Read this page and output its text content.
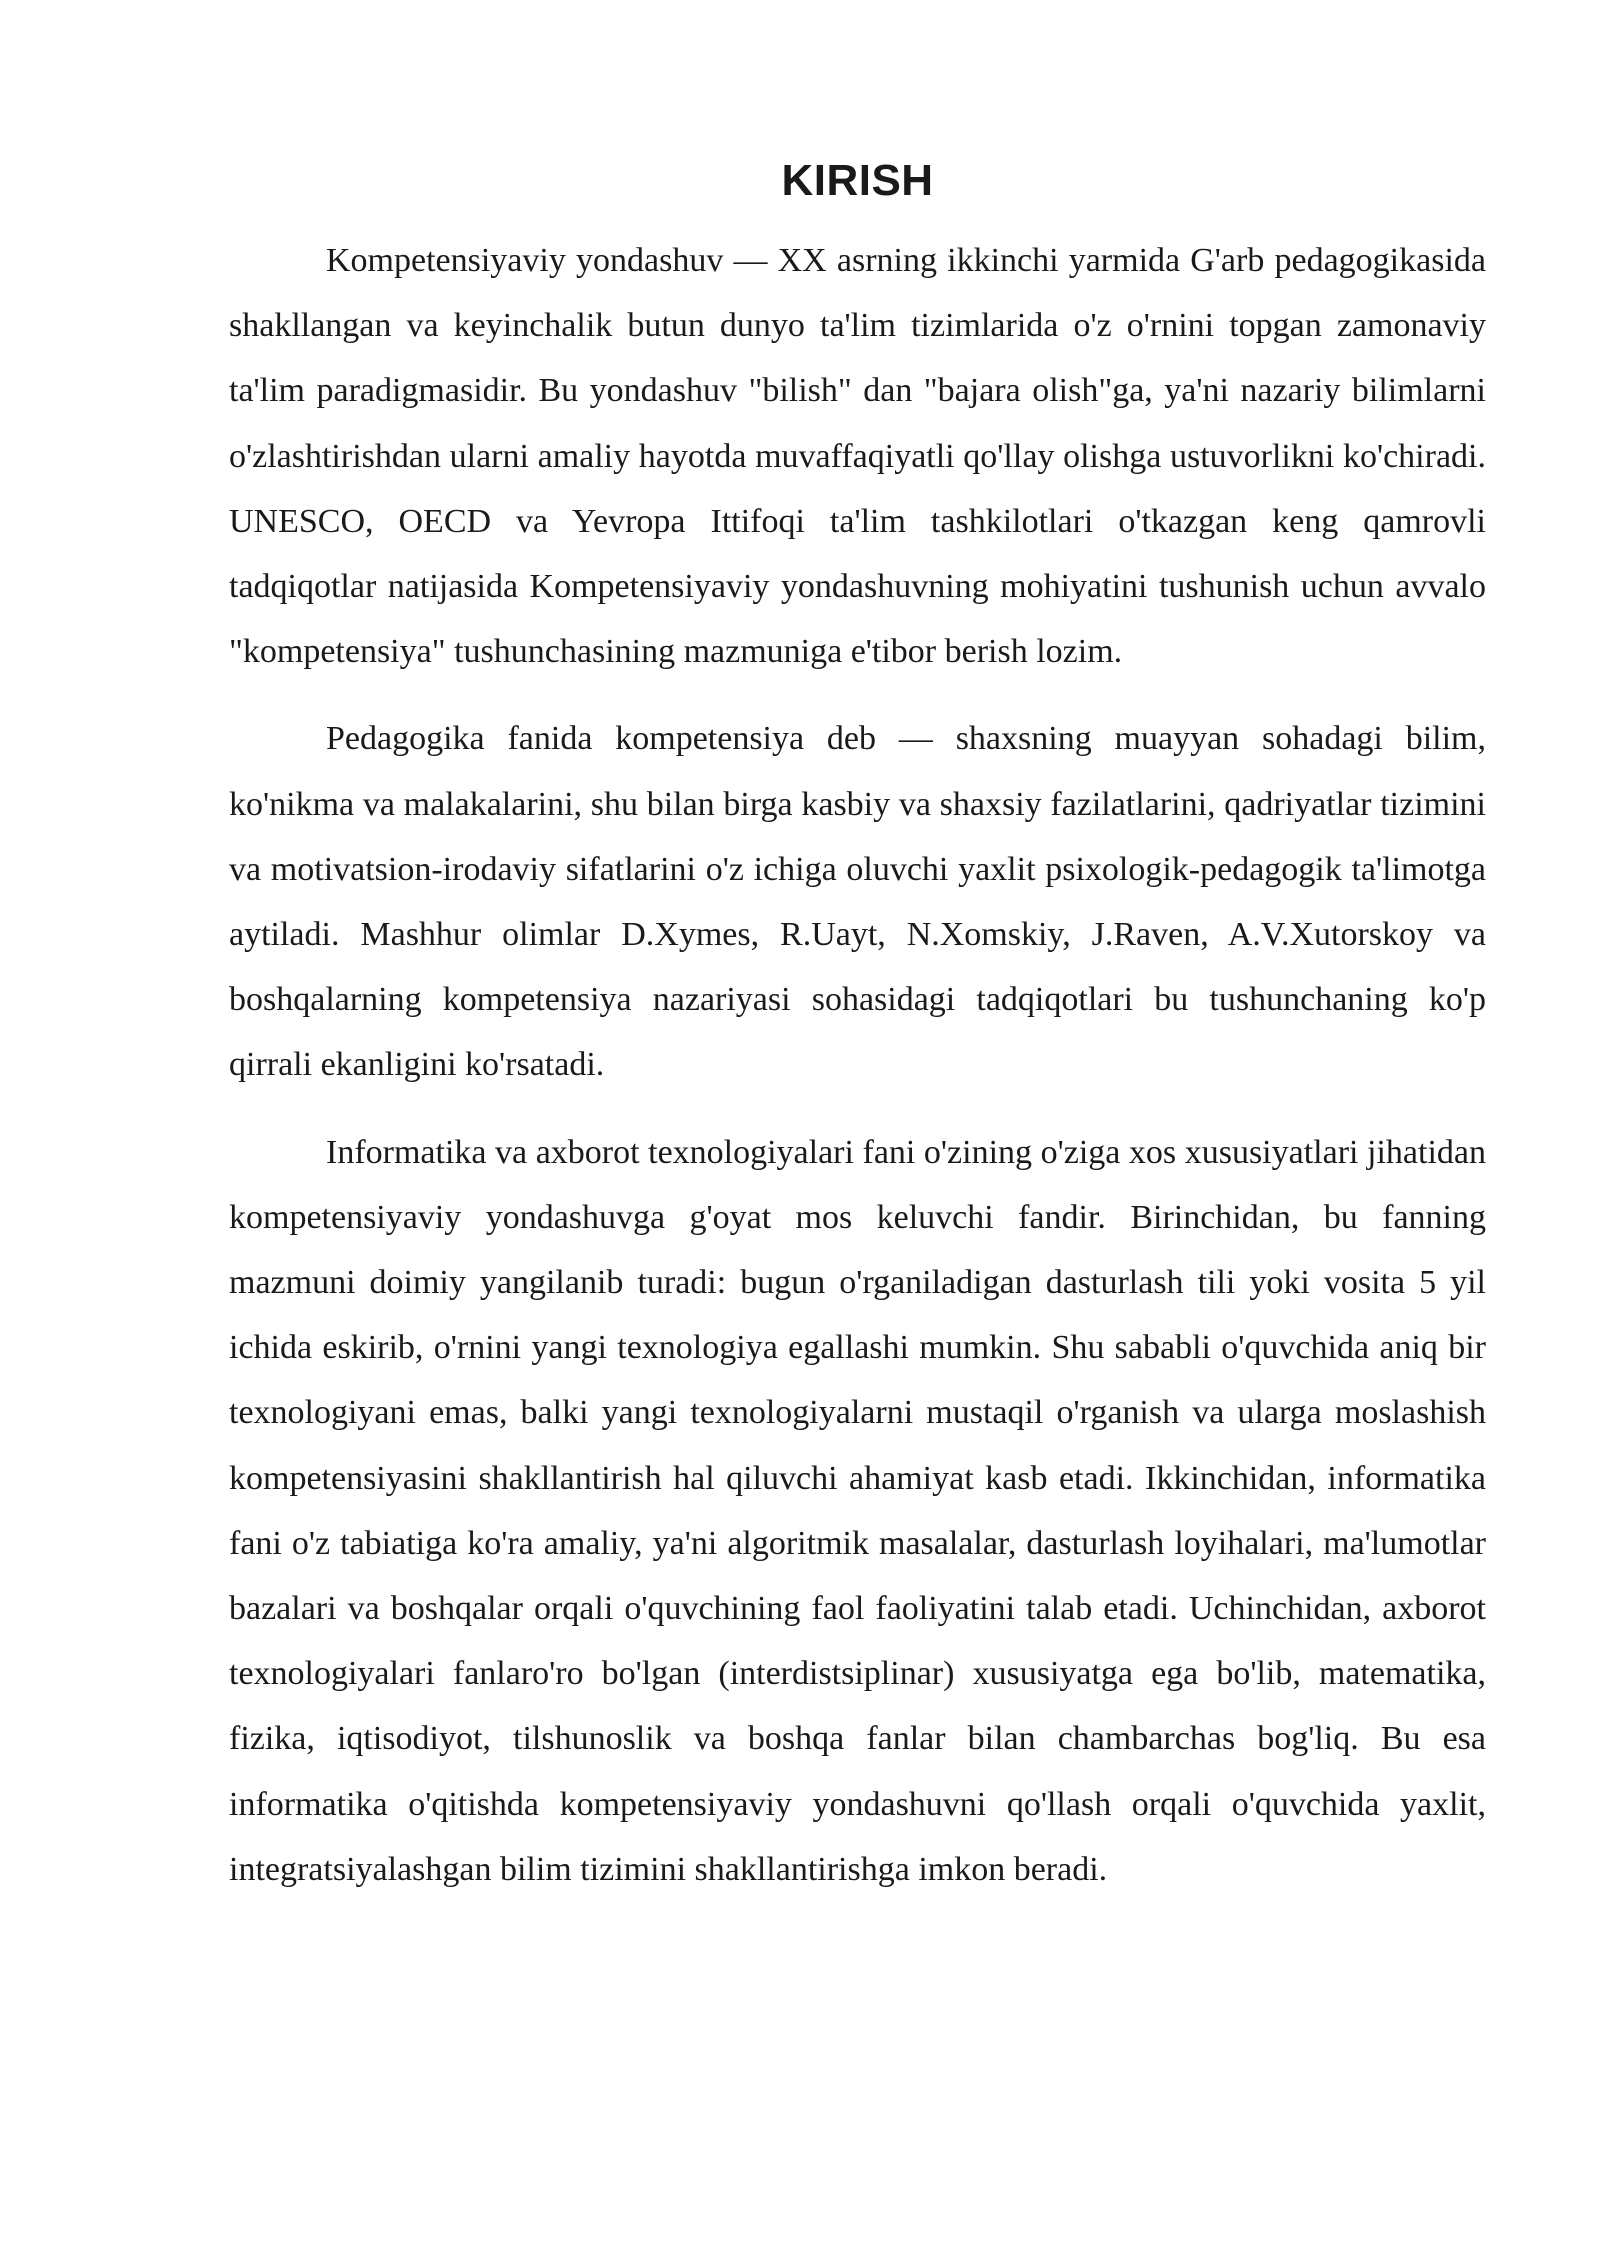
KIRISH

Kompetensiyaviy yondashuv — XX asrning ikkinchi yarmida G'arb pedagogikasida shakllangan va keyinchalik butun dunyo ta'lim tizimlarida o'z o'rnini topgan zamonaviy ta'lim paradigmasidir. Bu yondashuv "bilish" dan "bajara olish"ga, ya'ni nazariy bilimlarni o'zlashtirishdan ularni amaliy hayotda muvaffaqiyatli qo'llay olishga ustuvorlikni ko'chiradi. UNESCO, OECD va Yevropa Ittifoqi ta'lim tashkilotlari o'tkazgan keng qamrovli tadqiqotlar natijasida Kompetensiyaviy yondashuvning mohiyatini tushunish uchun avvalo "kompetensiya" tushunchasining mazmuniga e'tibor berish lozim.

Pedagogika fanida kompetensiya deb — shaxsning muayyan sohadagi bilim, ko'nikma va malakalarini, shu bilan birga kasbiy va shaxsiy fazilatlarini, qadriyatlar tizimini va motivatsion-irodaviy sifatlarini o'z ichiga oluvchi yaxlit psixologik-pedagogik ta'limotga aytiladi. Mashhur olimlar D.Xymes, R.Uayt, N.Xomskiy, J.Raven, A.V.Xutorskoy va boshqalarning kompetensiya nazariyasi sohasidagi tadqiqotlari bu tushunchaning ko'p qirrali ekanligini ko'rsatadi.

Informatika va axborot texnologiyalari fani o'zining o'ziga xos xususiyatlari jihatidan kompetensiyaviy yondashuvga g'oyat mos keluvchi fandir. Birinchidan, bu fanning mazmuni doimiy yangilanib turadi: bugun o'rganiladigan dasturlash tili yoki vosita 5 yil ichida eskirib, o'rnini yangi texnologiya egallashi mumkin. Shu sababli o'quvchida aniq bir texnologiyani emas, balki yangi texnologiyalarni mustaqil o'rganish va ularga moslashish kompetensiyasini shakllantirish hal qiluvchi ahamiyat kasb etadi. Ikkinchidan, informatika fani o'z tabiatiga ko'ra amaliy, ya'ni algoritmik masalalar, dasturlash loyihalari, ma'lumotlar bazalari va boshqalar orqali o'quvchining faol faoliyatini talab etadi. Uchinchidan, axborot texnologiyalari fanlaro'ro bo'lgan (interdistsiplinar) xususiyatga ega bo'lib, matematika, fizika, iqtisodiyot, tilshunoslik va boshqa fanlar bilan chambarchas bog'liq. Bu esa informatika o'qitishda kompetensiyaviy yondashuvni qo'llash orqali o'quvchida yaxlit, integratsiyalashgan bilim tizimini shakllantirishga imkon beradi.
